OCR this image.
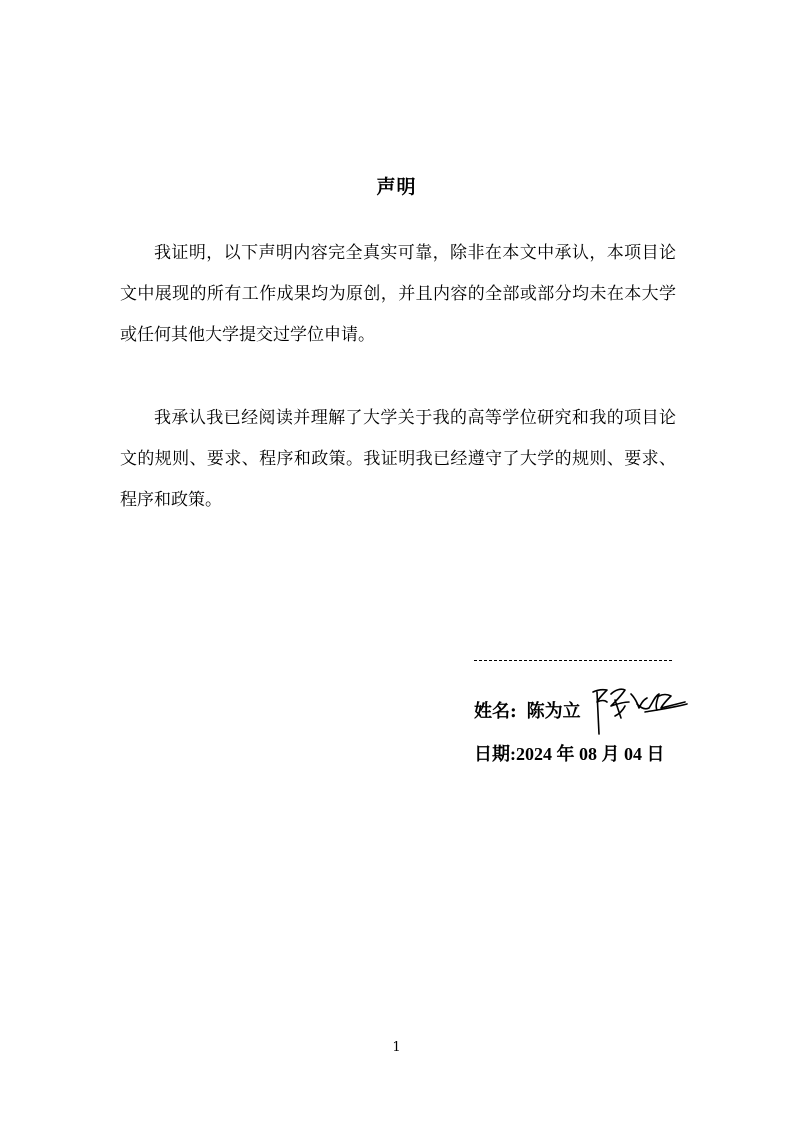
声明

我证明，以下声明内容完全真实可靠，除非在本文中承认，本项目论文中展现的所有工作成果均为原创，并且内容的全部或部分均未在本大学或任何其他大学提交过学位申请。

我承认我已经阅读并理解了大学关于我的高等学位研究和我的项目论文的规则、要求、程序和政策。我证明我已经遵守了大学的规则、要求、程序和政策。

姓名: 陈为立
日期:2024 年 08 月 04 日
1
